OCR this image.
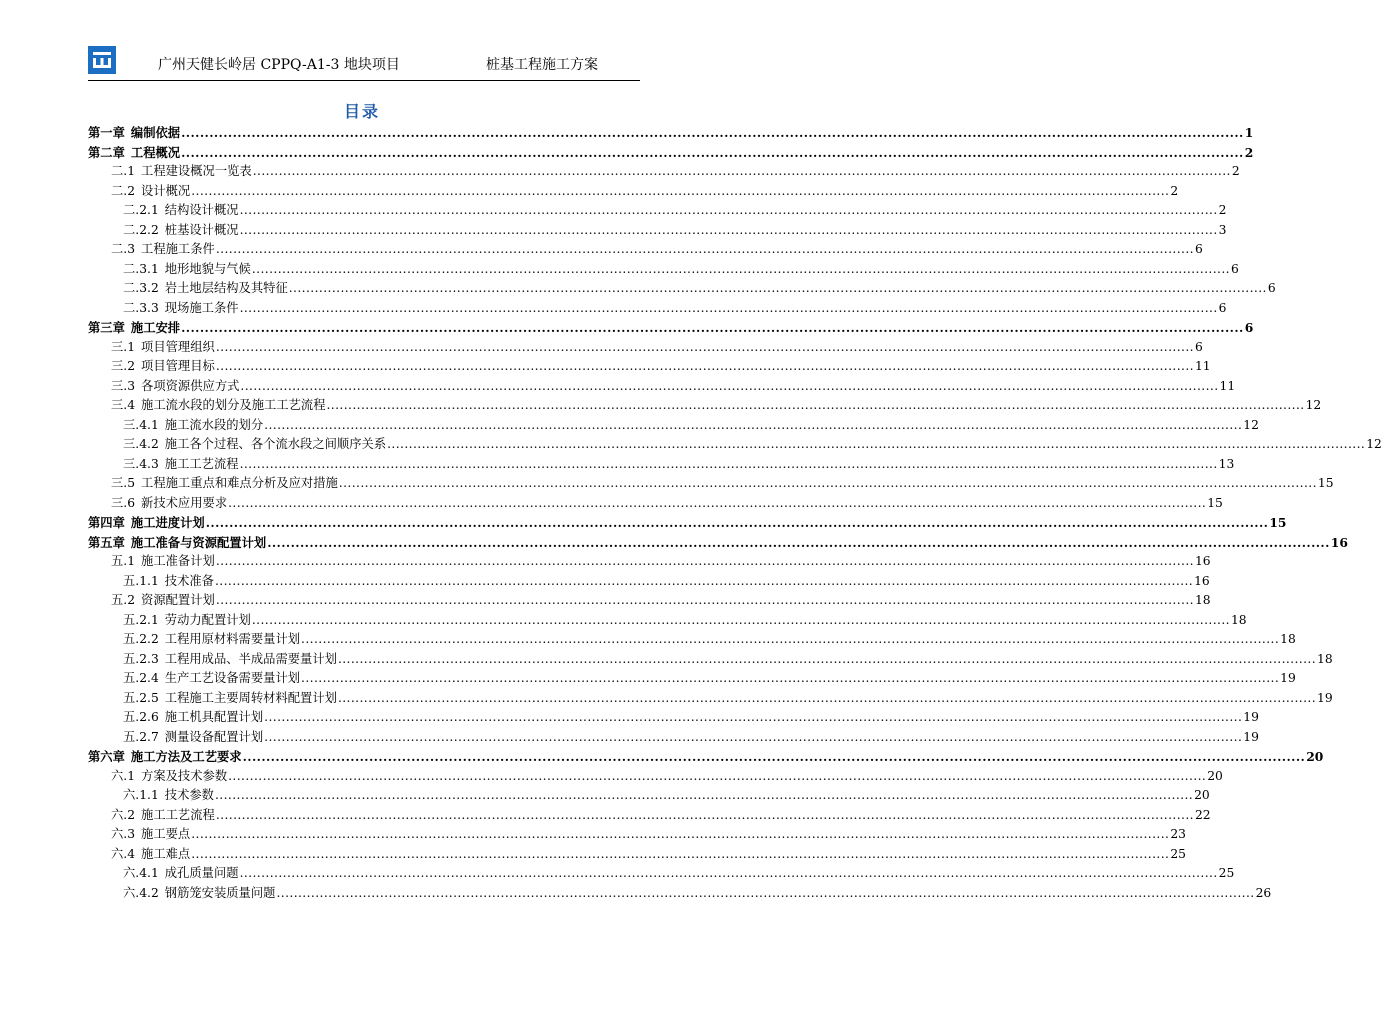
广州天健长岭居 CPPQ-A1-3 地块项目	桩基工程施工方案
目录
第一章 编制依据 ................................................................................................................................................................................................................................... 1
第二章 工程概况 ................................................................................................................................................................................................................................... 2
二.1 工程建设概况一览表 ................................................................................................................................................................................................................................... 2
二.2 设计概况 ................................................................................................................................................................................................................................... 2
二.2.1 结构设计概况 ................................................................................................................................................................................................................................... 2
二.2.2 桩基设计概况 ................................................................................................................................................................................................................................... 3
二.3 工程施工条件 ................................................................................................................................................................................................................................... 6
二.3.1 地形地貌与气候 ................................................................................................................................................................................................................................... 6
二.3.2 岩土地层结构及其特征 ................................................................................................................................................................................................................................... 6
二.3.3 现场施工条件 ................................................................................................................................................................................................................................... 6
第三章 施工安排 ................................................................................................................................................................................................................................... 6
三.1 项目管理组织 ................................................................................................................................................................................................................................... 6
三.2 项目管理目标 ................................................................................................................................................................................................................................... 11
三.3 各项资源供应方式 ................................................................................................................................................................................................................................... 11
三.4 施工流水段的划分及施工工艺流程 ................................................................................................................................................................................................................................... 12
三.4.1 施工流水段的划分 ................................................................................................................................................................................................................................... 12
三.4.2 施工各个过程、各个流水段之间顺序关系 ................................................................................................................................................................................................................................... 12
三.4.3 施工工艺流程 ................................................................................................................................................................................................................................... 13
三.5 工程施工重点和难点分析及应对措施 ................................................................................................................................................................................................................................... 15
三.6 新技术应用要求 ................................................................................................................................................................................................................................... 15
第四章 施工进度计划 ................................................................................................................................................................................................................................... 15
第五章 施工准备与资源配置计划 ................................................................................................................................................................................................................................... 16
五.1 施工准备计划 ................................................................................................................................................................................................................................... 16
五.1.1 技术准备 ................................................................................................................................................................................................................................... 16
五.2 资源配置计划 ................................................................................................................................................................................................................................... 18
五.2.1 劳动力配置计划 ................................................................................................................................................................................................................................... 18
五.2.2 工程用原材料需要量计划 ................................................................................................................................................................................................................................... 18
五.2.3 工程用成品、半成品需要量计划 ................................................................................................................................................................................................................................... 18
五.2.4 生产工艺设备需要量计划 ................................................................................................................................................................................................................................... 19
五.2.5 工程施工主要周转材料配置计划 ................................................................................................................................................................................................................................... 19
五.2.6 施工机具配置计划 ................................................................................................................................................................................................................................... 19
五.2.7 测量设备配置计划 ................................................................................................................................................................................................................................... 19
第六章 施工方法及工艺要求 ................................................................................................................................................................................................................................... 20
六.1 方案及技术参数 ................................................................................................................................................................................................................................... 20
六.1.1 技术参数 ................................................................................................................................................................................................................................... 20
六.2 施工工艺流程 ................................................................................................................................................................................................................................... 22
六.3 施工要点 ................................................................................................................................................................................................................................... 23
六.4 施工难点 ................................................................................................................................................................................................................................... 25
六.4.1 成孔质量问题 ................................................................................................................................................................................................................................... 25
六.4.2 钢筋笼安装质量问题 ................................................................................................................................................................................................................................... 26
